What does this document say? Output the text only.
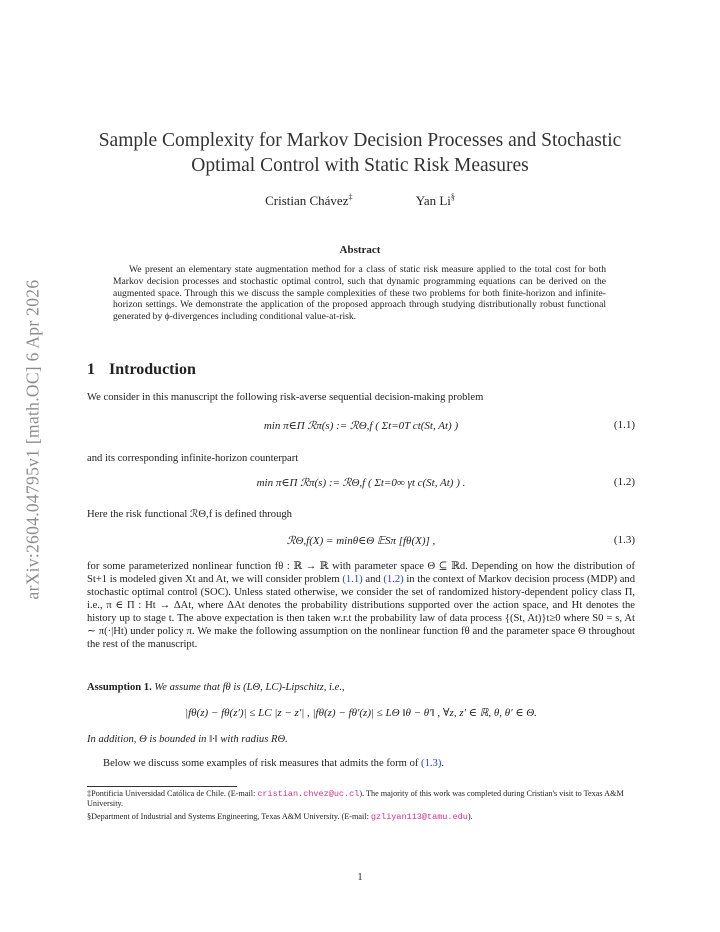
arXiv:2604.04795v1 [math.OC] 6 Apr 2026
Sample Complexity for Markov Decision Processes and Stochastic
Optimal Control with Static Risk Measures
Cristian Chávez‡	Yan Li§
Abstract

We present an elementary state augmentation method for a class of static risk measure applied to the total cost for both Markov decision processes and stochastic optimal control, such that dynamic programming equations can be derived on the augmented space. Through this we discuss the sample complexities of these two problems for both finite-horizon and infinite-horizon settings. We demonstrate the application of the proposed approach through studying distributionally robust functional generated by ϕ-divergences including conditional value-at-risk.

1 Introduction
We consider in this manuscript the following risk-averse sequential decision-making problem
min π∈Π ℛπ(s) := ℛΘ,f ( Σt=0T ct(St, At) )	(1.1)
and its corresponding infinite-horizon counterpart
min π∈Π ℛπ(s) := ℛΘ,f ( Σt=0∞ γt c(St, At) ) .	(1.2)
Here the risk functional ℛΘ,f is defined through
ℛΘ,f(X) = minθ∈Θ 𝔼Sπ [fθ(X)] ,	(1.3)
for some parameterized nonlinear function fθ : ℝ → ℝ with parameter space Θ ⊆ ℝd. Depending on how the distribution of St+1 is modeled given Xt and At, we will consider problem (1.1) and (1.2) in the context of Markov decision process (MDP) and stochastic optimal control (SOC). Unless stated otherwise, we consider the set of randomized history-dependent policy class Π, i.e., π ∈ Π : Ht → ΔAt, where ΔAt denotes the probability distributions supported over the action space, and Ht denotes the history up to stage t. The above expectation is then taken w.r.t the probability law of data process {(St, At)}t≥0 where S0 = s, At ∼ π(·|Ht) under policy π. We make the following assumption on the nonlinear function fθ and the parameter space Θ throughout the rest of the manuscript.
Assumption 1. We assume that fθ is (LΘ, LC)-Lipschitz, i.e.,
|fθ(z) − fθ(z′)| ≤ LC |z − z′| , |fθ(z) − fθ′(z)| ≤ LΘ ‖θ − θ′‖ , ∀z, z′ ∈ ℝ, θ, θ′ ∈ Θ.
In addition, Θ is bounded in ‖·‖ with radius RΘ.
Below we discuss some examples of risk measures that admits the form of (1.3).
‡Pontificia Universidad Católica de Chile. (E-mail: cristian.chvez@uc.cl). The majority of this work was completed during Cristian's visit to Texas A&M University.
§Department of Industrial and Systems Engineering, Texas A&M University. (E-mail: gzliyan113@tamu.edu).
1
